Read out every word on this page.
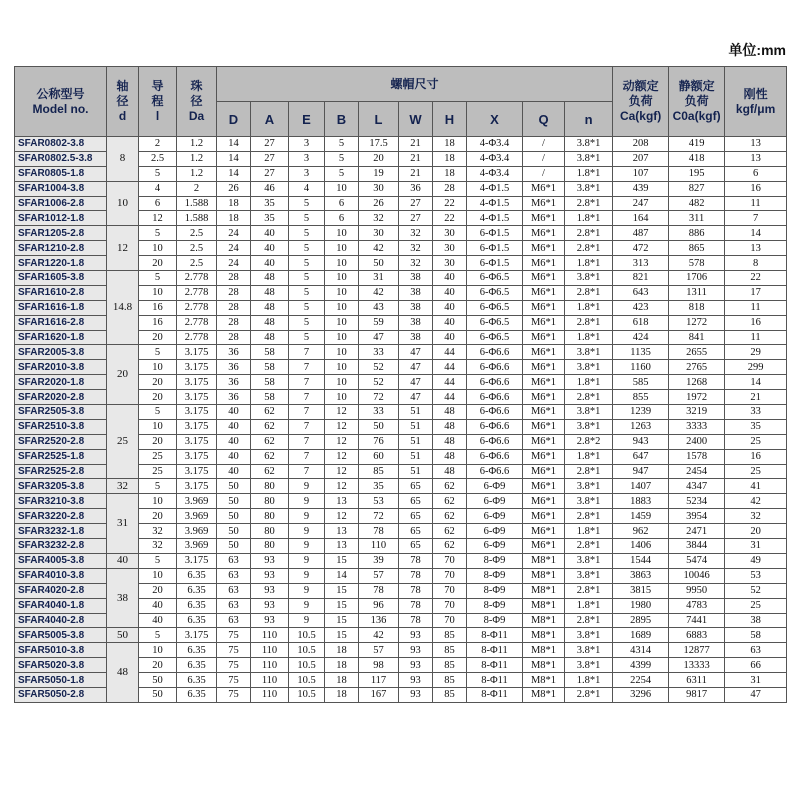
单位:mm
公称型号
Model no.	轴
径
d	导
程
l	珠
径
Da	螺帽尺寸										动额定
负荷
Ca(kgf)	静额定
负荷
C0a(kgf)	刚性
kgf/μm

				D	A	E	B	L	W	H	X	Q	n			
SFAR0802-3.8	8	2	1.2	14	27	3	5	17.5	21	18	4-Φ3.4	/	3.8*1	208	419	13
SFAR0802.5-3.8		2.5	1.2	14	27	3	5	20	21	18	4-Φ3.4	/	3.8*1	207	418	13
SFAR0805-1.8		5	1.2	14	27	3	5	19	21	18	4-Φ3.4	/	1.8*1	107	195	6
SFAR1004-3.8	10	4	2	26	46	4	10	30	36	28	4-Φ1.5	M6*1	3.8*1	439	827	16
SFAR1006-2.8		6	1.588	18	35	5	6	26	27	22	4-Φ1.5	M6*1	2.8*1	247	482	11
SFAR1012-1.8		12	1.588	18	35	5	6	32	27	22	4-Φ1.5	M6*1	1.8*1	164	311	7
SFAR1205-2.8	12	5	2.5	24	40	5	10	30	32	30	6-Φ1.5	M6*1	2.8*1	487	886	14
SFAR1210-2.8		10	2.5	24	40	5	10	42	32	30	6-Φ1.5	M6*1	2.8*1	472	865	13
SFAR1220-1.8		20	2.5	24	40	5	10	50	32	30	6-Φ1.5	M6*1	1.8*1	313	578	8
SFAR1605-3.8	14.8	5	2.778	28	48	5	10	31	38	40	6-Φ6.5	M6*1	3.8*1	821	1706	22
SFAR1610-2.8		10	2.778	28	48	5	10	42	38	40	6-Φ6.5	M6*1	2.8*1	643	1311	17
SFAR1616-1.8		16	2.778	28	48	5	10	43	38	40	6-Φ6.5	M6*1	1.8*1	423	818	11
SFAR1616-2.8		16	2.778	28	48	5	10	59	38	40	6-Φ6.5	M6*1	2.8*1	618	1272	16
SFAR1620-1.8		20	2.778	28	48	5	10	47	38	40	6-Φ6.5	M6*1	1.8*1	424	841	11
SFAR2005-3.8	20	5	3.175	36	58	7	10	33	47	44	6-Φ6.6	M6*1	3.8*1	1135	2655	29
SFAR2010-3.8		10	3.175	36	58	7	10	52	47	44	6-Φ6.6	M6*1	3.8*1	1160	2765	299
SFAR2020-1.8		20	3.175	36	58	7	10	52	47	44	6-Φ6.6	M6*1	1.8*1	585	1268	14
SFAR2020-2.8		20	3.175	36	58	7	10	72	47	44	6-Φ6.6	M6*1	2.8*1	855	1972	21
SFAR2505-3.8	25	5	3.175	40	62	7	12	33	51	48	6-Φ6.6	M6*1	3.8*1	1239	3219	33
SFAR2510-3.8		10	3.175	40	62	7	12	50	51	48	6-Φ6.6	M6*1	3.8*1	1263	3333	35
SFAR2520-2.8		20	3.175	40	62	7	12	76	51	48	6-Φ6.6	M6*1	2.8*2	943	2400	25
SFAR2525-1.8		25	3.175	40	62	7	12	60	51	48	6-Φ6.6	M6*1	1.8*1	647	1578	16
SFAR2525-2.8		25	3.175	40	62	7	12	85	51	48	6-Φ6.6	M6*1	2.8*1	947	2454	25
SFAR3205-3.8	32	5	3.175	50	80	9	12	35	65	62	6-Φ9	M6*1	3.8*1	1407	4347	41
SFAR3210-3.8	31	10	3.969	50	80	9	13	53	65	62	6-Φ9	M6*1	3.8*1	1883	5234	42
SFAR3220-2.8		20	3.969	50	80	9	12	72	65	62	6-Φ9	M6*1	2.8*1	1459	3954	32
SFAR3232-1.8		32	3.969	50	80	9	13	78	65	62	6-Φ9	M6*1	1.8*1	962	2471	20
SFAR3232-2.8		32	3.969	50	80	9	13	110	65	62	6-Φ9	M6*1	2.8*1	1406	3844	31
SFAR4005-3.8	40	5	3.175	63	93	9	15	39	78	70	8-Φ9	M8*1	3.8*1	1544	5474	49
SFAR4010-3.8	38	10	6.35	63	93	9	14	57	78	70	8-Φ9	M8*1	3.8*1	3863	10046	53
SFAR4020-2.8		20	6.35	63	93	9	15	78	78	70	8-Φ9	M8*1	2.8*1	3815	9950	52
SFAR4040-1.8		40	6.35	63	93	9	15	96	78	70	8-Φ9	M8*1	1.8*1	1980	4783	25
SFAR4040-2.8		40	6.35	63	93	9	15	136	78	70	8-Φ9	M8*1	2.8*1	2895	7441	38
SFAR5005-3.8	50	5	3.175	75	110	10.5	15	42	93	85	8-Φ11	M8*1	3.8*1	1689	6883	58
SFAR5010-3.8	48	10	6.35	75	110	10.5	18	57	93	85	8-Φ11	M8*1	3.8*1	4314	12877	63
SFAR5020-3.8		20	6.35	75	110	10.5	18	98	93	85	8-Φ11	M8*1	3.8*1	4399	13333	66
SFAR5050-1.8		50	6.35	75	110	10.5	18	117	93	85	8-Φ11	M8*1	1.8*1	2254	6311	31
SFAR5050-2.8		50	6.35	75	110	10.5	18	167	93	85	8-Φ11	M8*1	2.8*1	3296	9817	47
